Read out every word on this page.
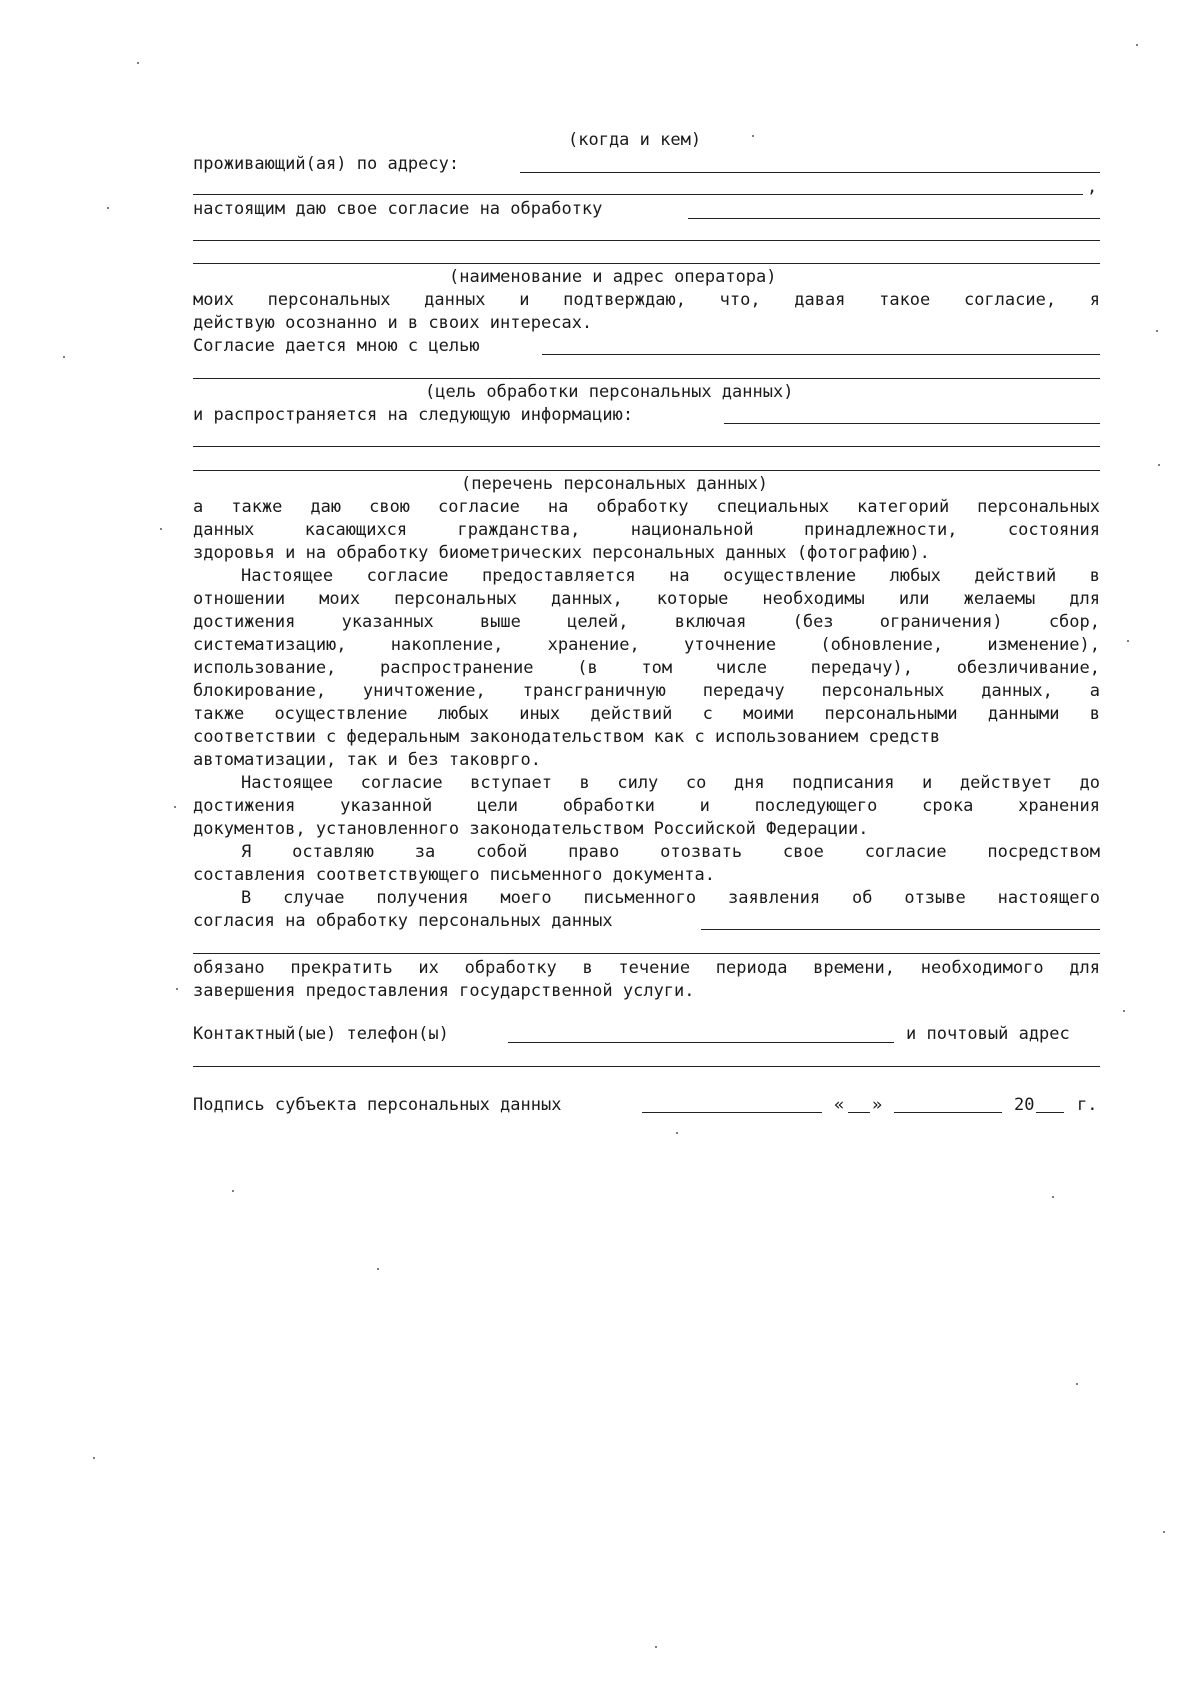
(когда и кем)
проживающий(ая) по адресу:
,
настоящим даю свое согласие на обработку
(наименование и адрес оператора)
моих персональных данных и подтверждаю, что, давая такое согласие, я
действую осознанно и в своих интересах.
Согласие дается мною с целью
(цель обработки персональных данных)
и распространяется на следующую информацию:
(перечень персональных данных)
а также даю свою согласие на обработку специальных категорий персональных
данных касающихся гражданства, национальной принадлежности, состояния
здоровья и на обработку биометрических персональных данных (фотографию).
Настоящее согласие предоставляется на осуществление любых действий в
отношении моих персональных данных, которые необходимы или желаемы для
достижения указанных выше целей, включая (без ограничения) сбор,
систематизацию, накопление, хранение, уточнение (обновление, изменение),
использование, распространение (в том числе передачу), обезличивание,
блокирование, уничтожение, трансграничную передачу персональных данных, а
также осуществление любых иных действий с моими персональными данными в
соответствии с федеральным законодательством как с использованием средств
автоматизации, так и без таковрго.
Настоящее согласие вступает в силу со дня подписания и действует до
достижения указанной цели обработки и последующего срока хранения
документов, установленного законодательством Российской Федерации.
Я оставляю за собой право отозвать свое согласие посредством
составления соответствующего письменного документа.
В случае получения моего письменного заявления об отзыве настоящего
согласия на обработку персональных данных
обязано прекратить их обработку в течение периода времени, необходимого для
завершения предоставления государственной услуги.
Контактный(ые) телефон(ы)	и почтовый адрес
Подпись субъекта персональных данных	« »	20	г.
